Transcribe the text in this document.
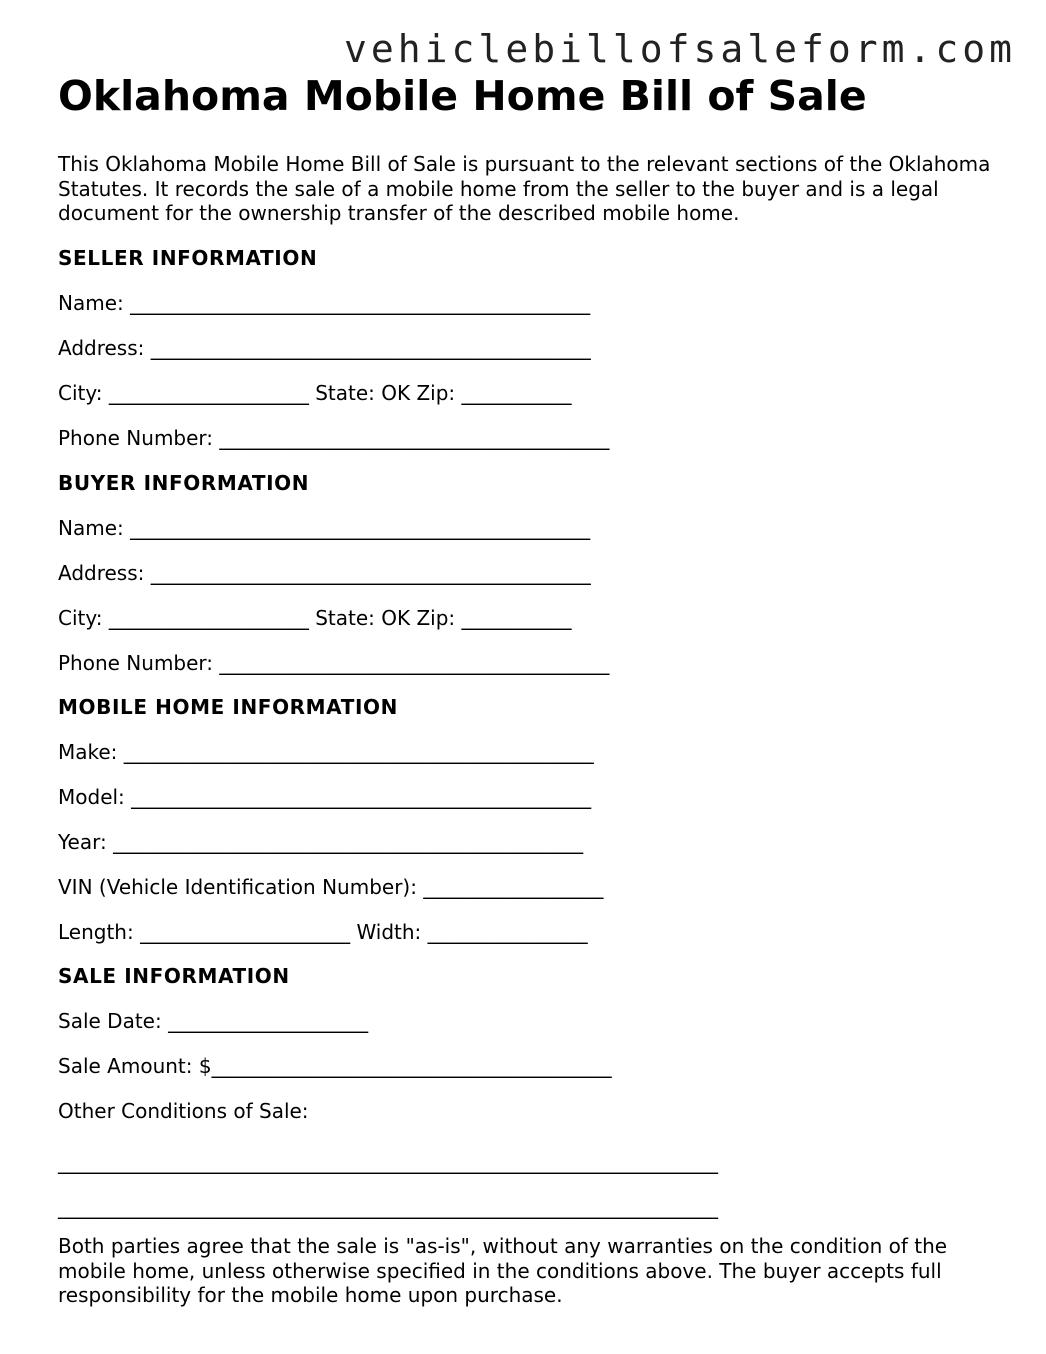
vehiclebillofsaleform.com
Oklahoma Mobile Home Bill of Sale

This Oklahoma Mobile Home Bill of Sale is pursuant to the relevant sections of the Oklahoma Statutes. It records the sale of a mobile home from the seller to the buyer and is a legal document for the ownership transfer of the described mobile home.

SELLER INFORMATION
Name: ______________________________________________
Address: ____________________________________________
City: ____________________ State: OK Zip: ___________
Phone Number: _______________________________________
BUYER INFORMATION
Name: ______________________________________________
Address: ____________________________________________
City: ____________________ State: OK Zip: ___________
Phone Number: _______________________________________
MOBILE HOME INFORMATION
Make: _______________________________________________
Model: ______________________________________________
Year: _______________________________________________
VIN (Vehicle Identification Number): __________________
Length: _____________________ Width: ________________
SALE INFORMATION
Sale Date: ____________________
Sale Amount: $________________________________________
Other Conditions of Sale:
__________________________________________________________________
__________________________________________________________________

Both parties agree that the sale is "as-is", without any warranties on the condition of the mobile home, unless otherwise specified in the conditions above. The buyer accepts full responsibility for the mobile home upon purchase.
